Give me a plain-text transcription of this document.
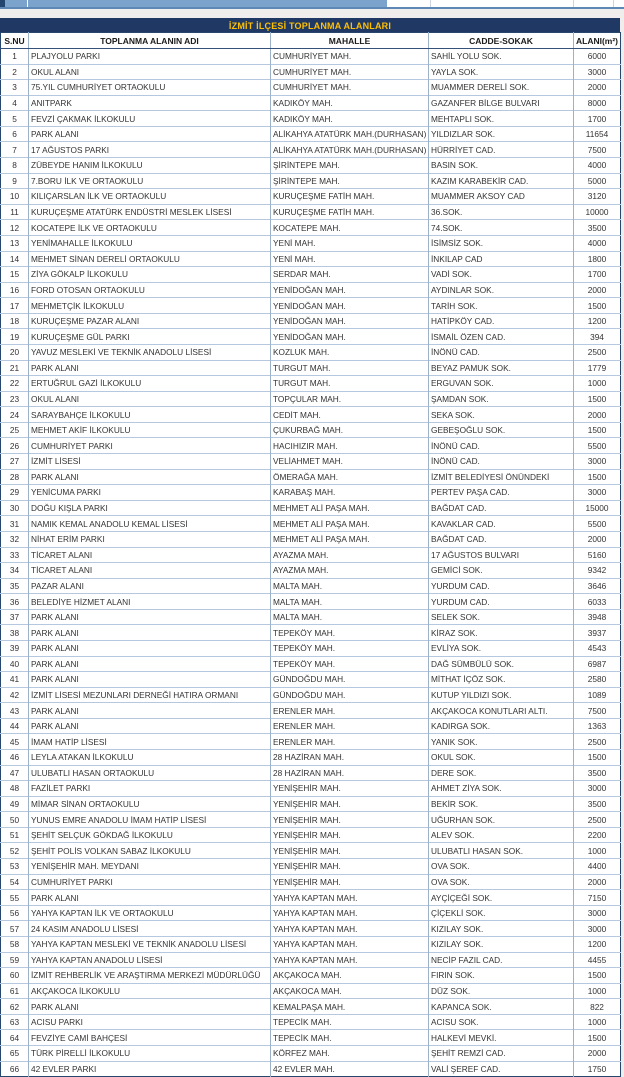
İZMİT İLÇESİ TOPLANMA ALANLARI
S.NU	TOPLANMA ALANIN ADI	MAHALLE	CADDE-SOKAK	ALANI(m²)
1	PLAJYOLU PARKI	CUMHURİYET MAH.	SAHİL YOLU SOK.	6000
2	OKUL ALANI	CUMHURİYET MAH.	YAYLA SOK.	3000
3	75.YIL CUMHURİYET ORTAOKULU	CUMHURİYET MAH.	MUAMMER DERELİ SOK.	2000
4	ANITPARK	KADIKÖY MAH.	GAZANFER BİLGE BULVARI	8000
5	FEVZİ ÇAKMAK İLKOKULU	KADIKÖY MAH.	MEHTAPLI SOK.	1700
6	PARK ALANI	ALİKAHYA ATATÜRK MAH.(DURHASAN)	YILDIZLAR SOK.	11654
7	17 AĞUSTOS PARKI	ALİKAHYA ATATÜRK MAH.(DURHASAN)	HÜRRİYET CAD.	7500
8	ZÜBEYDE HANIM İLKOKULU	ŞİRİNTEPE MAH.	BASIN SOK.	4000
9	7.BORU İLK VE ORTAOKULU	ŞİRİNTEPE MAH.	KAZIM KARABEKİR CAD.	5000
10	KILIÇARSLAN İLK VE ORTAOKULU	KURUÇEŞME FATİH MAH.	MUAMMER AKSOY CAD	3120
11	KURUÇEŞME ATATÜRK ENDÜSTRİ MESLEK LİSESİ	KURUÇEŞME FATİH MAH.	36.SOK.	10000
12	KOCATEPE İLK VE ORTAOKULU	KOCATEPE MAH.	74.SOK.	3500
13	YENİMAHALLE İLKOKULU	YENİ MAH.	İSİMSİZ SOK.	4000
14	MEHMET SİNAN DERELİ ORTAOKULU	YENİ MAH.	İNKILAP CAD	1800
15	ZİYA GÖKALP İLKOKULU	SERDAR MAH.	VADİ SOK.	1700
16	FORD OTOSAN ORTAOKULU	YENİDOĞAN MAH.	AYDINLAR SOK.	2000
17	MEHMETÇİK İLKOKULU	YENİDOĞAN MAH.	TARİH SOK.	1500
18	KURUÇEŞME PAZAR ALANI	YENİDOĞAN MAH.	HATİPKÖY CAD.	1200
19	KURUÇEŞME GÜL PARKI	YENİDOĞAN MAH.	İSMAİL ÖZEN CAD.	394
20	YAVUZ MESLEKİ VE TEKNİK ANADOLU LİSESİ	KOZLUK MAH.	İNÖNÜ CAD.	2500
21	PARK ALANI	TURGUT MAH.	BEYAZ PAMUK SOK.	1779
22	ERTUĞRUL GAZİ İLKOKULU	TURGUT MAH.	ERGUVAN SOK.	1000
23	OKUL ALANI	TOPÇULAR MAH.	ŞAMDAN SOK.	1500
24	SARAYBAHÇE İLKOKULU	CEDİT MAH.	SEKA SOK.	2000
25	MEHMET AKİF İLKOKULU	ÇUKURBAĞ MAH.	GEBEŞOĞLU SOK.	1500
26	CUMHURİYET PARKI	HACIHIZIR MAH.	İNÖNÜ CAD.	5500
27	İZMİT LİSESİ	VELİAHMET MAH.	İNÖNÜ CAD.	3000
28	PARK ALANI	ÖMERAĞA MAH.	İZMİT BELEDİYESİ ÖNÜNDEKİ	1500
29	YENİCUMA PARKI	KARABAŞ MAH.	PERTEV PAŞA CAD.	3000
30	DOĞU KIŞLA PARKI	MEHMET ALİ PAŞA MAH.	BAĞDAT CAD.	15000
31	NAMIK KEMAL ANADOLU KEMAL LİSESİ	MEHMET ALİ PAŞA MAH.	KAVAKLAR CAD.	5500
32	NİHAT ERİM PARKI	MEHMET ALİ PAŞA MAH.	BAĞDAT CAD.	2000
33	TİCARET ALANI	AYAZMA MAH.	17 AĞUSTOS BULVARI	5160
34	TİCARET ALANI	AYAZMA MAH.	GEMİCİ SOK.	9342
35	PAZAR ALANI	MALTA MAH.	YURDUM CAD.	3646
36	BELEDİYE HİZMET ALANI	MALTA MAH.	YURDUM CAD.	6033
37	PARK ALANI	MALTA MAH.	SELEK SOK.	3948
38	PARK ALANI	TEPEKÖY MAH.	KİRAZ SOK.	3937
39	PARK ALANI	TEPEKÖY MAH.	EVLİYA SOK.	4543
40	PARK ALANI	TEPEKÖY MAH.	DAĞ SÜMBÜLÜ SOK.	6987
41	PARK ALANI	GÜNDOĞDU MAH.	MİTHAT İÇÖZ SOK.	2580
42	İZMİT LİSESİ MEZUNLARI DERNEĞİ HATIRA ORMANI	GÜNDOĞDU MAH.	KUTUP YILDIZI SOK.	1089
43	PARK ALANI	ERENLER MAH.	AKÇAKOCA KONUTLARI ALTI.	7500
44	PARK ALANI	ERENLER MAH.	KADIRGA SOK.	1363
45	İMAM HATİP LİSESİ	ERENLER MAH.	YANIK SOK.	2500
46	LEYLA ATAKAN İLKOKULU	28 HAZİRAN MAH.	OKUL SOK.	1500
47	ULUBATLI HASAN ORTAOKULU	28 HAZİRAN MAH.	DERE SOK.	3500
48	FAZİLET PARKI	YENİŞEHİR MAH.	AHMET ZİYA SOK.	3000
49	MİMAR SİNAN ORTAOKULU	YENİŞEHİR MAH.	BEKİR SOK.	3500
50	YUNUS EMRE ANADOLU İMAM HATİP LİSESİ	YENİŞEHİR MAH.	UĞURHAN SOK.	2500
51	ŞEHİT SELÇUK GÖKDAĞ İLKOKULU	YENİŞEHİR MAH.	ALEV SOK.	2200
52	ŞEHİT POLİS VOLKAN SABAZ İLKOKULU	YENİŞEHİR MAH.	ULUBATLI HASAN SOK.	1000
53	YENİŞEHİR MAH. MEYDANI	YENİŞEHİR MAH.	OVA SOK.	4400
54	CUMHURİYET PARKI	YENİŞEHİR MAH.	OVA SOK.	2000
55	PARK ALANI	YAHYA KAPTAN MAH.	AYÇİÇEĞİ SOK.	7150
56	YAHYA KAPTAN İLK VE ORTAOKULU	YAHYA KAPTAN MAH.	ÇİÇEKLİ SOK.	3000
57	24 KASIM ANADOLU LİSESİ	YAHYA KAPTAN MAH.	KIZILAY SOK.	3000
58	YAHYA KAPTAN MESLEKİ VE TEKNİK ANADOLU LİSESİ	YAHYA KAPTAN MAH.	KIZILAY SOK.	1200
59	YAHYA KAPTAN ANADOLU LİSESİ	YAHYA KAPTAN MAH.	NECİP FAZIL CAD.	4455
60	İZMİT REHBERLİK VE ARAŞTIRMA MERKEZİ MÜDÜRLÜĞÜ	AKÇAKOCA MAH.	FIRIN SOK.	1500
61	AKÇAKOCA İLKOKULU	AKÇAKOCA MAH.	DÜZ SOK.	1000
62	PARK ALANI	KEMALPAŞA MAH.	KAPANCA SOK.	822
63	ACISU PARKI	TEPECİK MAH.	ACISU SOK.	1000
64	FEVZİYE CAMİ BAHÇESİ	TEPECİK MAH.	HALKEVİ MEVKİ.	1500
65	TÜRK PİRELLİ İLKOKULU	KÖRFEZ MAH.	ŞEHİT REMZİ CAD.	2000
66	42 EVLER PARKI	42 EVLER MAH.	VALİ ŞEREF CAD.	1750
